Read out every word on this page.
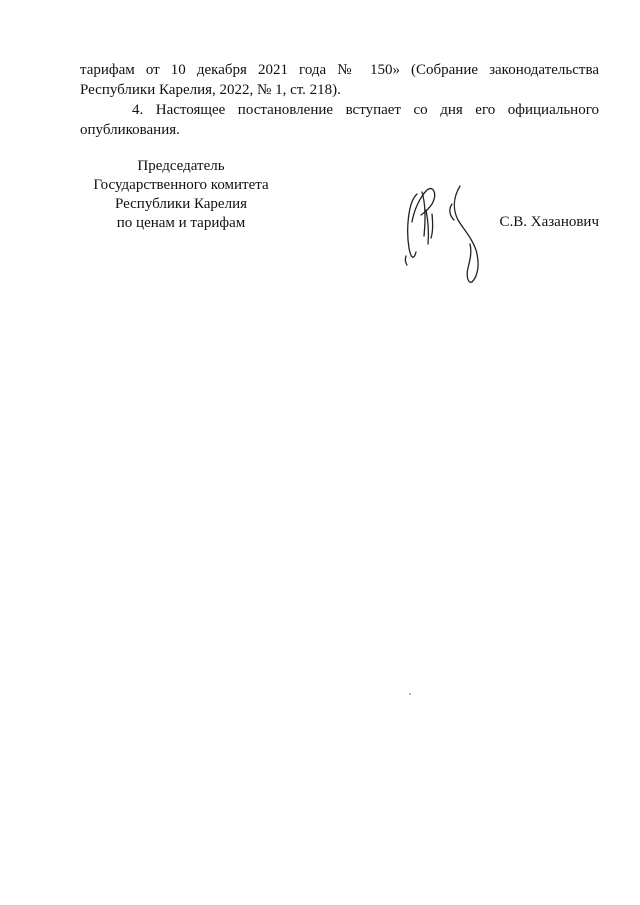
тарифам от 10 декабря 2021 года № 150» (Собрание законодательства Республики Карелия, 2022, № 1, ст. 218).

4. Настоящее постановление вступает со дня его официального опубликования.

Председатель
Государственного комитета
Республики Карелия
по ценам и тарифам	С.В. Хазанович
